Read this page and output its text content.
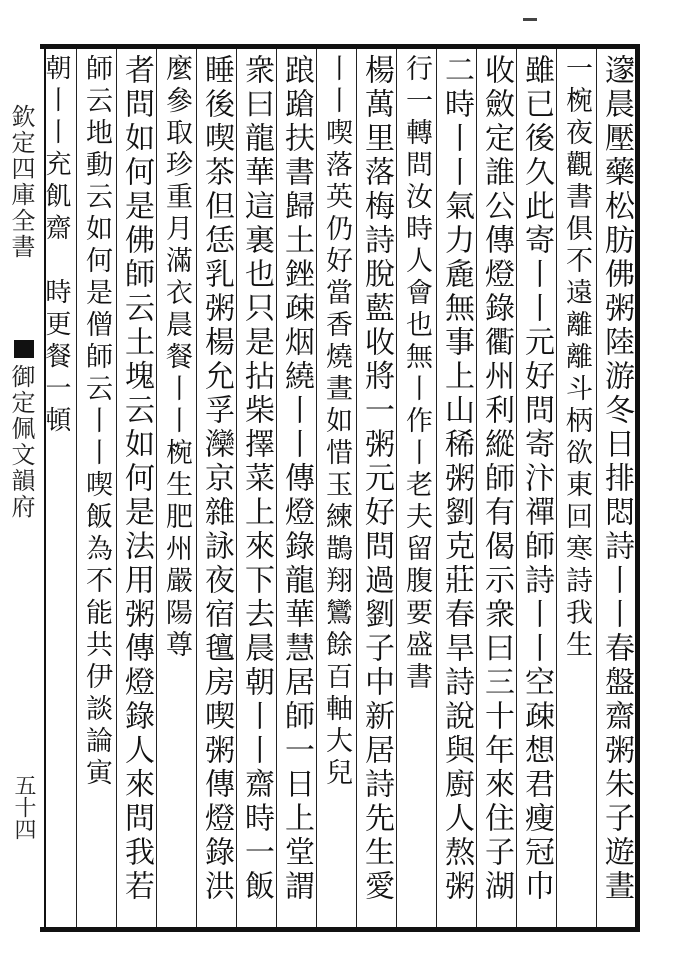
欽定四庫全書
御定佩文韻府
五十四	𨗉晨壓藥松肪佛粥陸游冬日排悶詩丨丨春盤齋粥朱子遊晝
一椀夜觀書俱不遠離離斗柄欲東回寒詩我生
雖已後久此寄丨丨元好問寄汴禪師詩丨丨空疎想君瘦冠巾
收斂定誰公傳燈錄衢州利縱師有偈示衆曰三十年來住子湖
二時丨丨氣力麁無事上山稀粥劉克莊春旱詩說與廚人熬粥
行一轉問汝時人會也無丨作丨老夫留腹要盛書
楊萬里落梅詩脫藍收將一粥元好問過劉子中新居詩先生愛
丨丨喫落英仍好當香燒晝如惜玉練鵲翔鸞餘百軸大兒
踉蹌扶書歸土銼疎烟繞丨丨傳燈錄龍華慧居師一日上堂謂
衆曰龍華這裏也只是拈柴擇菜上來下去晨朝丨丨齋時一飯
睡後喫茶但恁乳粥楊允孚灤京雜詠夜宿氊房喫粥傳燈錄洪
麼參取珍重月滿衣晨餐丨丨椀生肥州嚴陽尊
者問如何是佛師云土塊云如何是法用粥傳燈錄人來問我若
師云地動云如何是僧師云丨丨喫飯為不能共伊談論寅
朝丨丨充飢齋　時更餐一頓
